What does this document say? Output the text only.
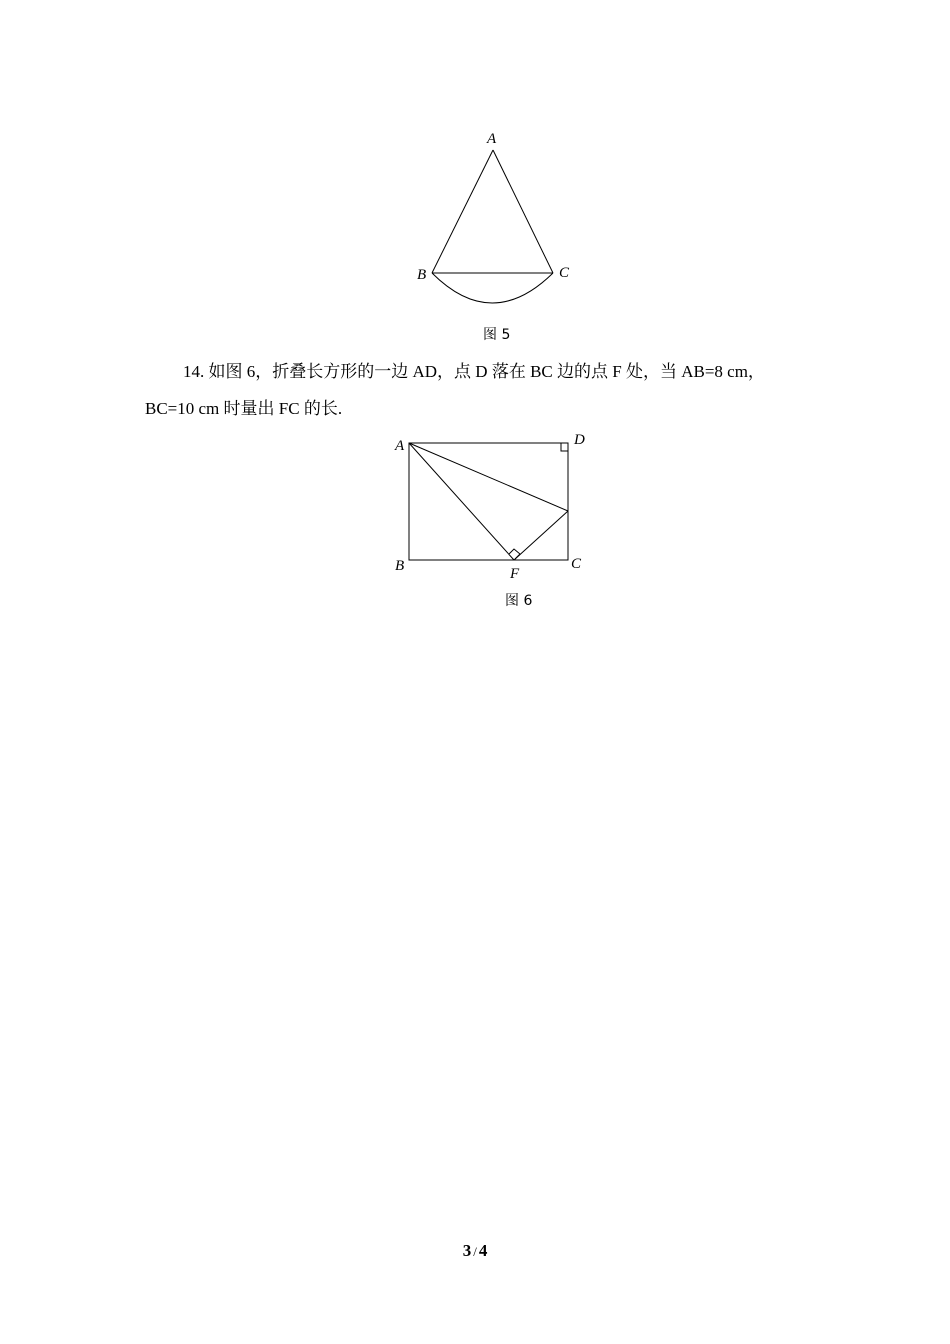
A
B	C
图 5
14. 如图 6，折叠长方形的一边 AD，点 D 落在 BC 边的点 F 处，当 AB=8 cm，
BC=10 cm 时量出 FC 的长.
A	D
B	C
F
图 6
3 / 4
